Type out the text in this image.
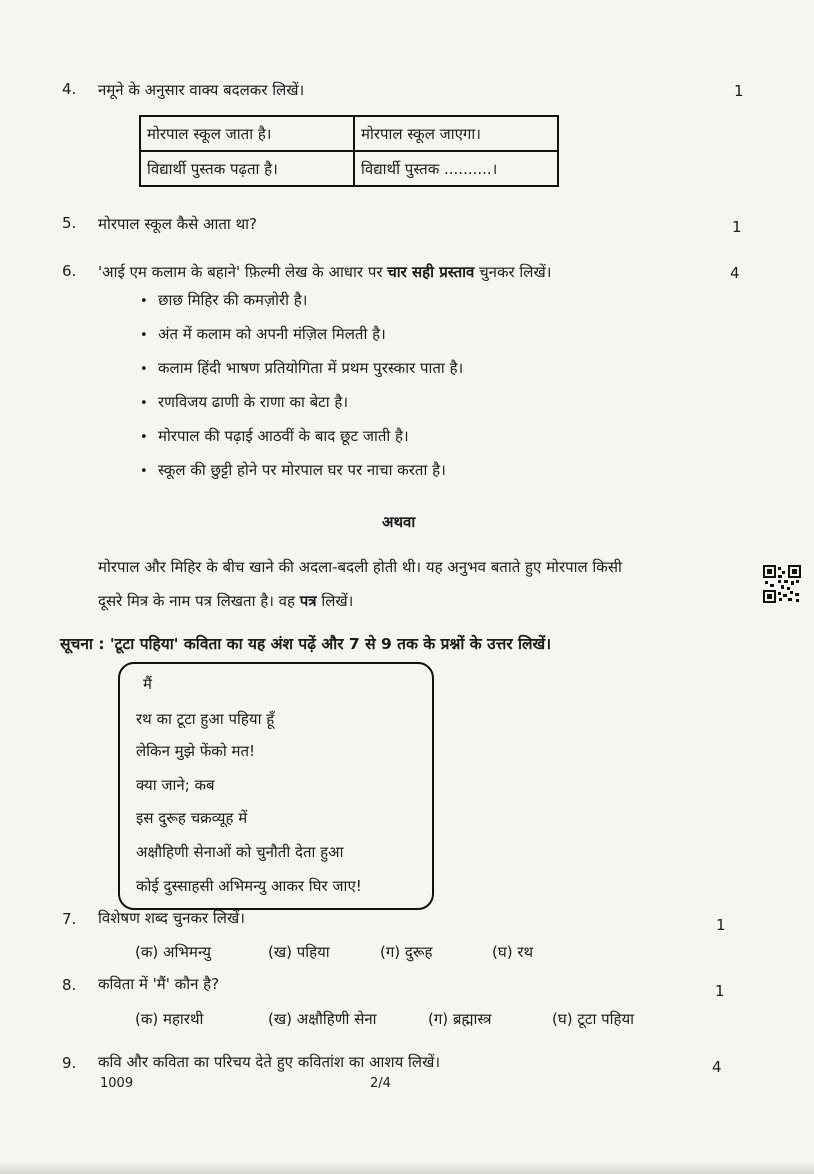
4. नमूने के अनुसार वाक्य बदलकर लिखें।	1
मोरपाल स्कूल जाता है।	मोरपाल स्कूल जाएगा।
विद्यार्थी पुस्तक पढ़ता है।	विद्यार्थी पुस्तक ..........।
5. मोरपाल स्कूल कैसे आता था?	1
6. 'आई एम कलाम के बहाने' फ़िल्मी लेख के आधार पर चार सही प्रस्ताव चुनकर लिखें।	4
• छाछ मिहिर की कमज़ोरी है।
• अंत में कलाम को अपनी मंज़िल मिलती है।
• कलाम हिंदी भाषण प्रतियोगिता में प्रथम पुरस्कार पाता है।
• रणविजय ढाणी के राणा का बेटा है।
• मोरपाल की पढ़ाई आठवीं के बाद छूट जाती है।
• स्कूल की छुट्टी होने पर मोरपाल घर पर नाचा करता है।
अथवा
मोरपाल और मिहिर के बीच खाने की अदला-बदली होती थी। यह अनुभव बताते हुए मोरपाल किसी
दूसरे मित्र के नाम पत्र लिखता है। वह पत्र लिखें।
सूचना : 'टूटा पहिया' कविता का यह अंश पढ़ें और 7 से 9 तक के प्रश्नों के उत्तर लिखें।
मैं
रथ का टूटा हुआ पहिया हूँ
लेकिन मुझे फेंको मत!
क्या जाने; कब
इस दुरूह चक्रव्यूह में
अक्षौहिणी सेनाओं को चुनौती देता हुआ
कोई दुस्साहसी अभिमन्यु आकर घिर जाए!
7. विशेषण शब्द चुनकर लिखें।	1
(क) अभिमन्यु	(ख) पहिया	(ग) दुरूह	(घ) रथ
8. कविता में 'मैं' कौन है?	1
(क) महारथी	(ख) अक्षौहिणी सेना	(ग) ब्रह्मास्त्र	(घ) टूटा पहिया
9. कवि और कविता का परिचय देते हुए कवितांश का आशय लिखें।	4
1009	2/4
